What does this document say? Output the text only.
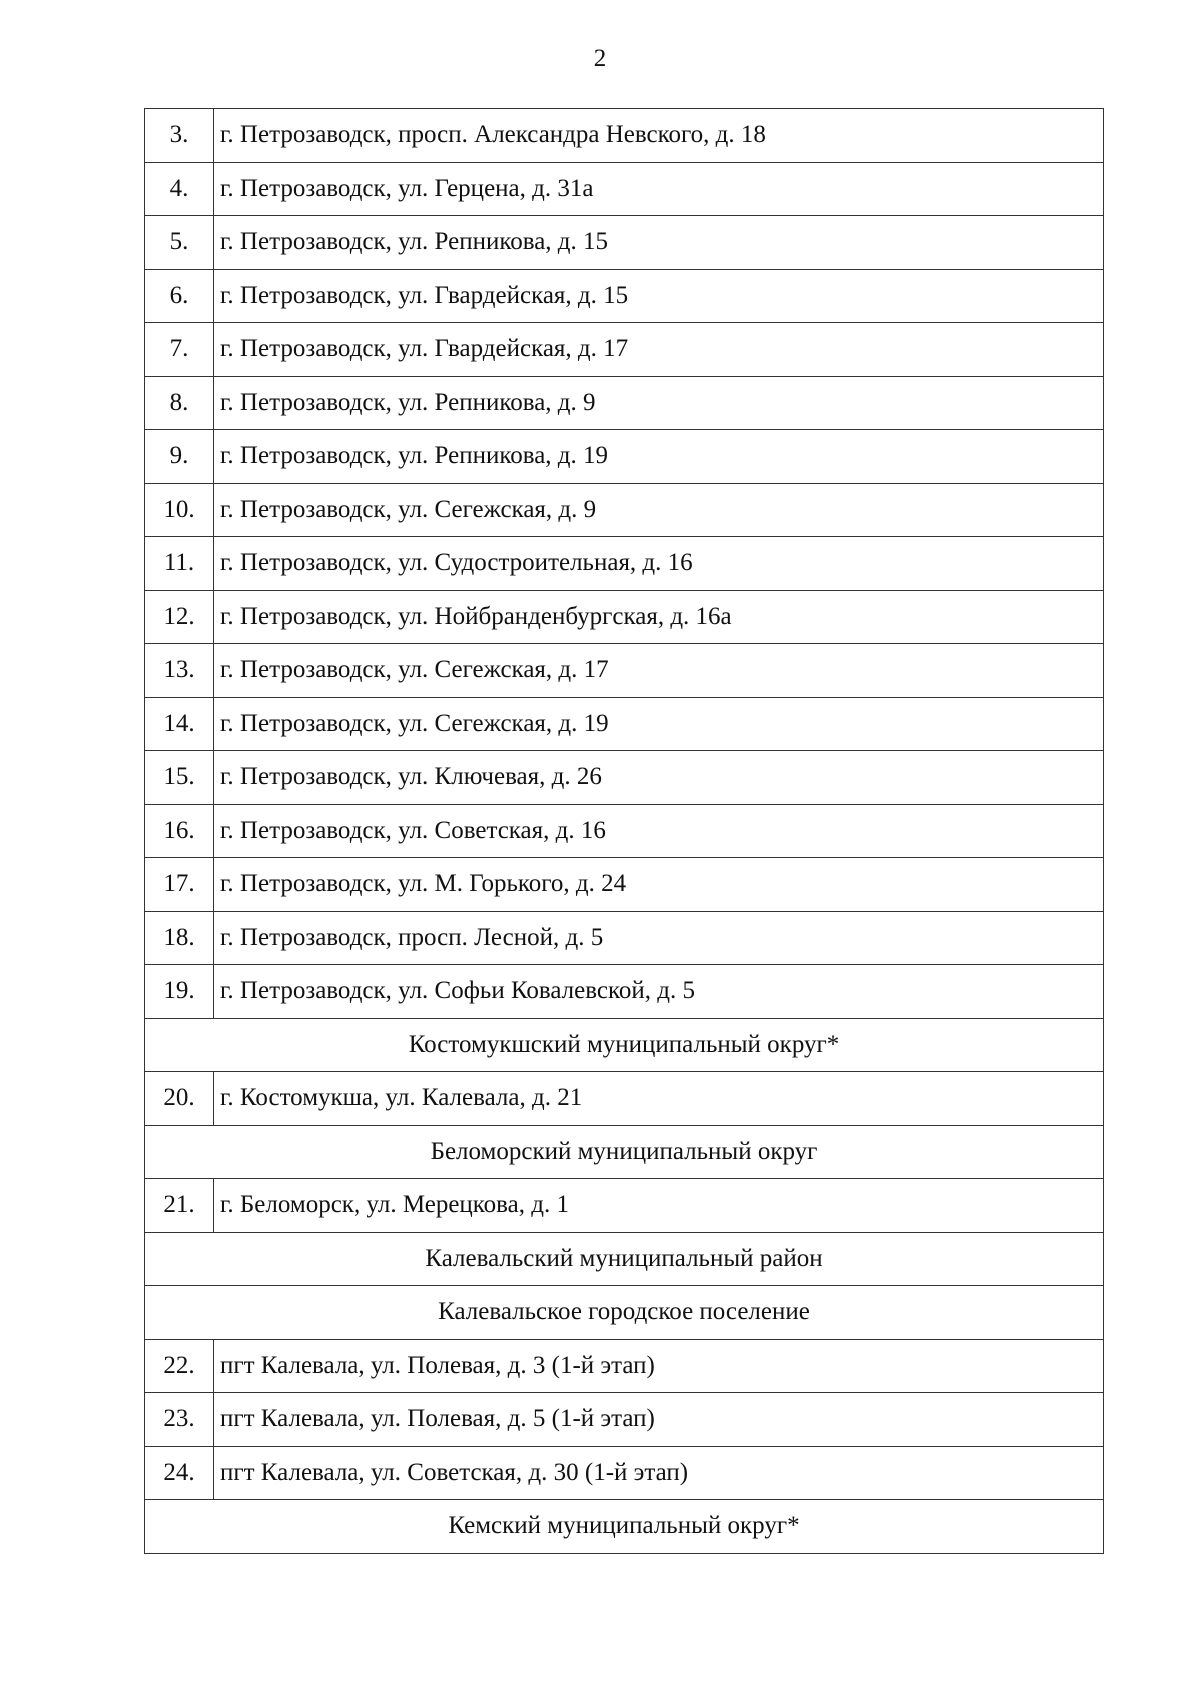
2
3.	г. Петрозаводск, просп. Александра Невского, д. 18
4.	г. Петрозаводск, ул. Герцена, д. 31а
5.	г. Петрозаводск, ул. Репникова, д. 15
6.	г. Петрозаводск, ул. Гвардейская, д. 15
7.	г. Петрозаводск, ул. Гвардейская, д. 17
8.	г. Петрозаводск, ул. Репникова, д. 9
9.	г. Петрозаводск, ул. Репникова, д. 19
10.	г. Петрозаводск, ул. Сегежская, д. 9
11.	г. Петрозаводск, ул. Судостроительная, д. 16
12.	г. Петрозаводск, ул. Нойбранденбургская, д. 16а
13.	г. Петрозаводск, ул. Сегежская, д. 17
14.	г. Петрозаводск, ул. Сегежская, д. 19
15.	г. Петрозаводск, ул. Ключевая, д. 26
16.	г. Петрозаводск, ул. Советская, д. 16
17.	г. Петрозаводск, ул. М. Горького, д. 24
18.	г. Петрозаводск, просп. Лесной, д. 5
19.	г. Петрозаводск, ул. Софьи Ковалевской, д. 5
Костомукшский муниципальный округ*	
20.	г. Костомукша, ул. Калевала, д. 21
Беломорский муниципальный округ	
21.	г. Беломорск, ул. Мерецкова, д. 1
Калевальский муниципальный район	
Калевальское городское поселение	
22.	пгт Калевала, ул. Полевая, д. 3 (1-й этап)
23.	пгт Калевала, ул. Полевая, д. 5 (1-й этап)
24.	пгт Калевала, ул. Советская, д. 30 (1-й этап)
Кемский муниципальный округ*	
